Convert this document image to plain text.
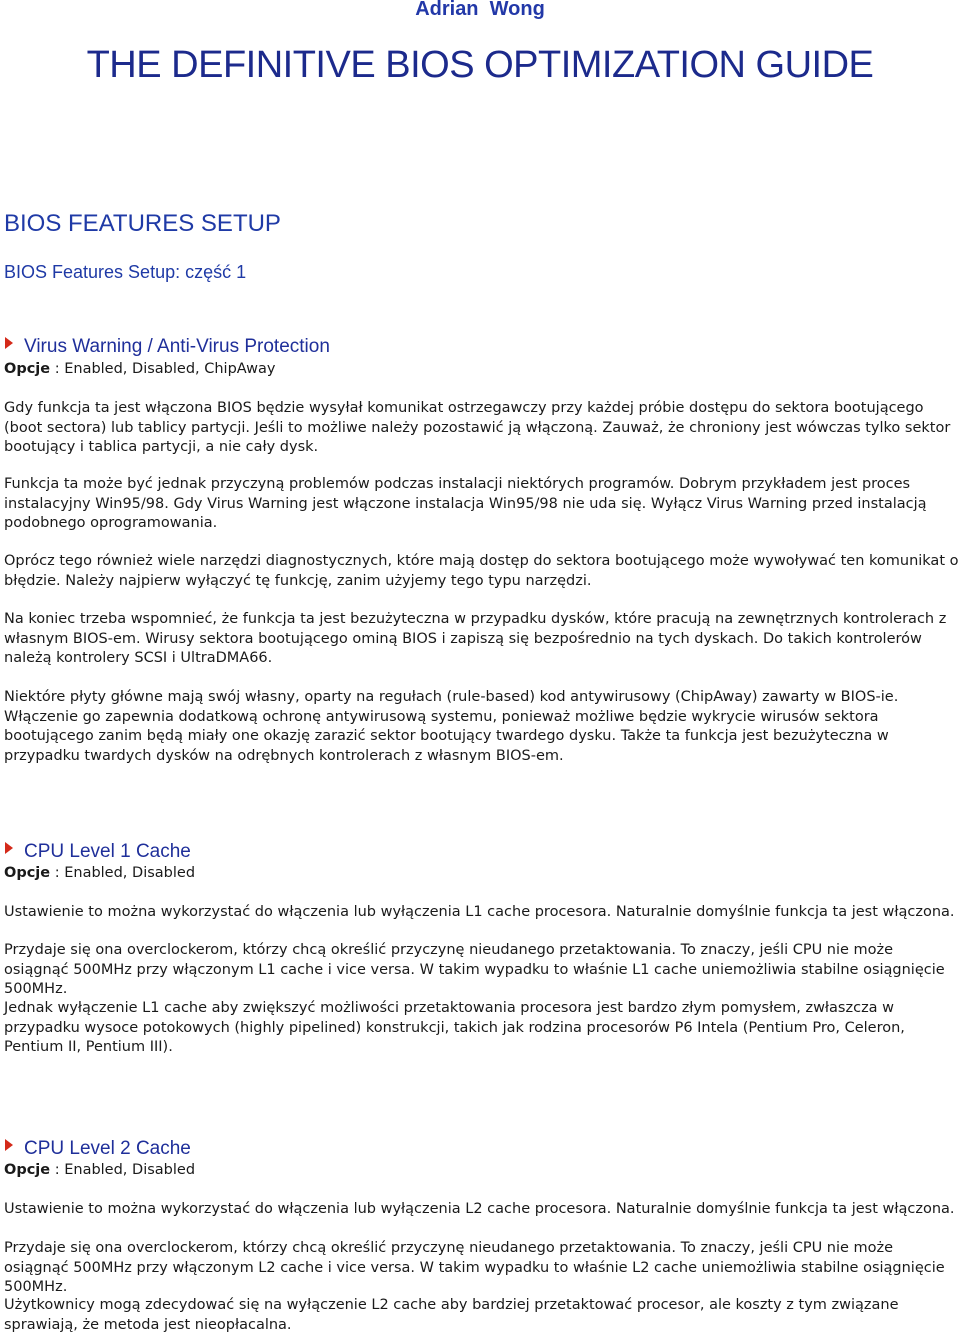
Adrian  Wong
THE DEFINITIVE BIOS OPTIMIZATION GUIDE
BIOS FEATURES SETUP
BIOS Features Setup: część 1
Virus Warning / Anti-Virus Protection
Opcje : Enabled, Disabled, ChipAway

Gdy funkcja ta jest włączona BIOS będzie wysyłał komunikat ostrzegawczy przy każdej próbie dostępu do sektora bootującego (boot sectora) lub tablicy partycji. Jeśli to możliwe należy pozostawić ją włączoną. Zauważ, że chroniony jest wówczas tylko sektor bootujący i tablica partycji, a nie cały dysk.

Funkcja ta może być jednak przyczyną problemów podczas instalacji niektórych programów. Dobrym przykładem jest proces instalacyjny Win95/98. Gdy Virus Warning jest włączone instalacja Win95/98 nie uda się. Wyłącz Virus Warning przed instalacją podobnego oprogramowania.

Oprócz tego również wiele narzędzi diagnostycznych, które mają dostęp do sektora bootującego może wywoływać ten komunikat o błędzie. Należy najpierw wyłączyć tę funkcję, zanim użyjemy tego typu narzędzi.

Na koniec trzeba wspomnieć, że funkcja ta jest bezużyteczna w przypadku dysków, które pracują na zewnętrznych kontrolerach z własnym BIOS-em. Wirusy sektora bootującego ominą BIOS i zapiszą się bezpośrednio na tych dyskach. Do takich kontrolerów należą kontrolery SCSI i UltraDMA66.

Niektóre płyty główne mają swój własny, oparty na regułach (rule-based) kod antywirusowy (ChipAway) zawarty w BIOS-ie. Włączenie go zapewnia dodatkową ochronę antywirusową systemu, ponieważ możliwe będzie wykrycie wirusów sektora bootującego zanim będą miały one okazję zarazić sektor bootujący twardego dysku. Także ta funkcja jest bezużyteczna w przypadku twardych dysków na odrębnych kontrolerach z własnym BIOS-em.

CPU Level 1 Cache
Opcje : Enabled, Disabled

Ustawienie to można wykorzystać do włączenia lub wyłączenia L1 cache procesora. Naturalnie domyślnie funkcja ta jest włączona.

Przydaje się ona overclockerom, którzy chcą określić przyczynę nieudanego przetaktowania. To znaczy, jeśli CPU nie może osiągnąć 500MHz przy włączonym L1 cache i vice versa. W takim wypadku to właśnie L1 cache uniemożliwia stabilne osiągnięcie 500MHz.

Jednak wyłączenie L1 cache aby zwiększyć możliwości przetaktowania procesora jest bardzo złym pomysłem, zwłaszcza w przypadku wysoce potokowych (highly pipelined) konstrukcji, takich jak rodzina procesorów P6 Intela (Pentium Pro, Celeron, Pentium II, Pentium III).

CPU Level 2 Cache
Opcje : Enabled, Disabled

Ustawienie to można wykorzystać do włączenia lub wyłączenia L2 cache procesora. Naturalnie domyślnie funkcja ta jest włączona.

Przydaje się ona overclockerom, którzy chcą określić przyczynę nieudanego przetaktowania. To znaczy, jeśli CPU nie może osiągnąć 500MHz przy włączonym L2 cache i vice versa. W takim wypadku to właśnie L2 cache uniemożliwia stabilne osiągnięcie 500MHz.

Użytkownicy mogą zdecydować się na wyłączenie L2 cache aby bardziej przetaktować procesor, ale koszty z tym związane sprawiają, że metoda jest nieopłacalna.
